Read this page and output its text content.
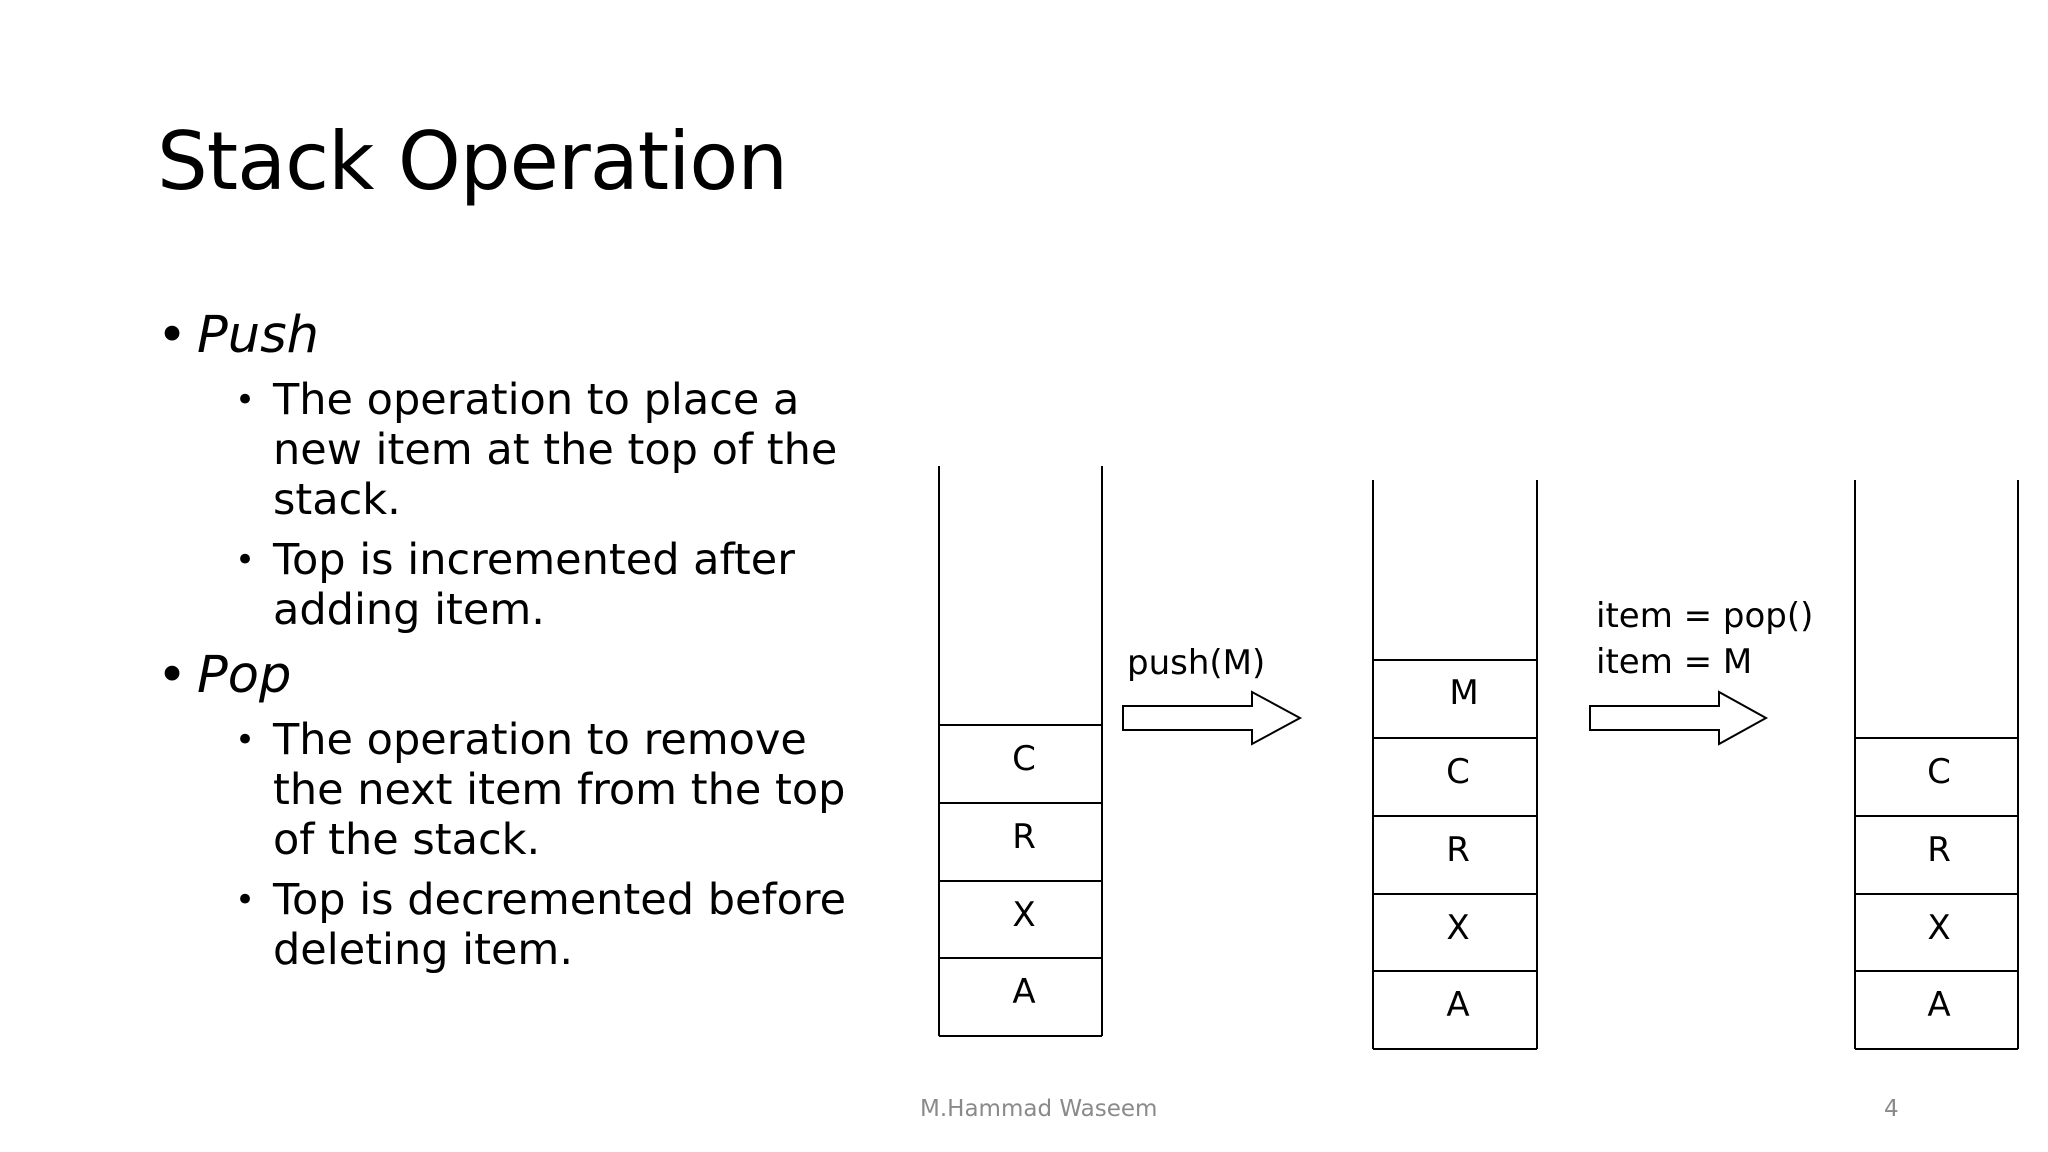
Stack Operation
• Push
• The operation to place a new item at the top of the stack.
• Top is incremented after adding item.
• Pop
• The operation to remove the next item from the top of the stack.
• Top is decremented before deleting item.
C
R
X
A
M
C
R
X
A
C
R
X
A
push(M)
item = pop()
item = M
M.Hammad Waseem	4
